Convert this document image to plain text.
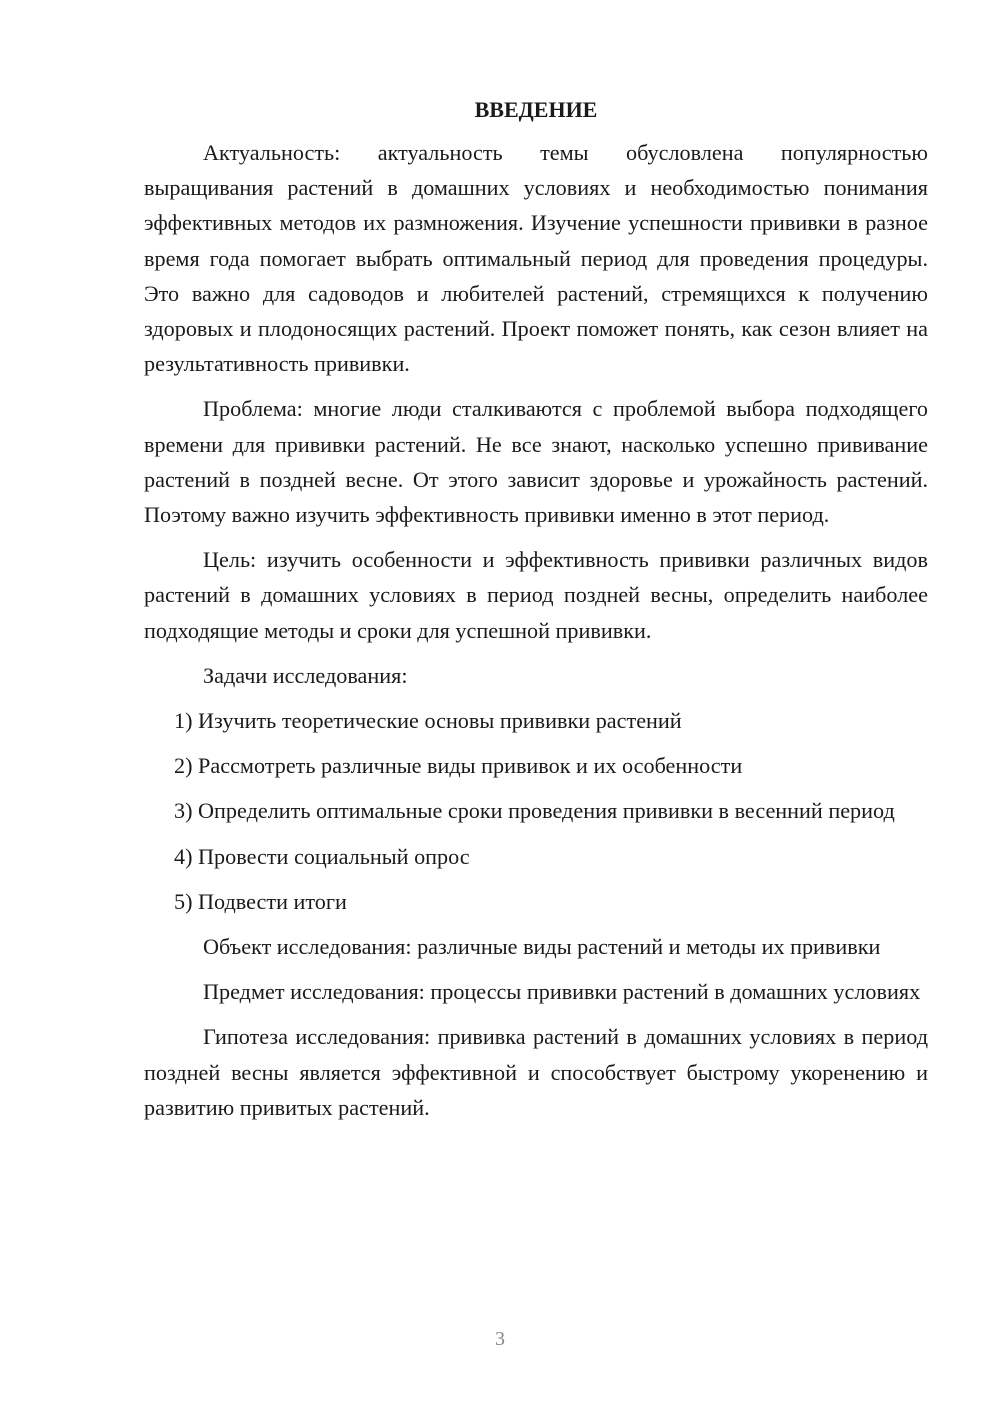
ВВЕДЕНИЕ

Актуальность: актуальность темы обусловлена популярностью выращивания растений в домашних условиях и необходимостью понимания эффективных методов их размножения. Изучение успешности прививки в разное время года помогает выбрать оптимальный период для проведения процедуры. Это важно для садоводов и любителей растений, стремящихся к получению здоровых и плодоносящих растений. Проект поможет понять, как сезон влияет на результативность прививки.

Проблема: многие люди сталкиваются с проблемой выбора подходящего времени для прививки растений. Не все знают, насколько успешно прививание растений в поздней весне. От этого зависит здоровье и урожайность растений. Поэтому важно изучить эффективность прививки именно в этот период.

Цель: изучить особенности и эффективность прививки различных видов растений в домашних условиях в период поздней весны, определить наиболее подходящие методы и сроки для успешной прививки.

Задачи исследования:

1) Изучить теоретические основы прививки растений

2) Рассмотреть различные виды прививок и их особенности

3) Определить оптимальные сроки проведения прививки в весенний период

4) Провести социальный опрос

5) Подвести итоги

Объект исследования: различные виды растений и методы их прививки

Предмет исследования: процессы прививки растений в домашних условиях

Гипотеза исследования: прививка растений в домашних условиях в период поздней весны является эффективной и способствует быстрому укоренению и развитию привитых растений.

3
